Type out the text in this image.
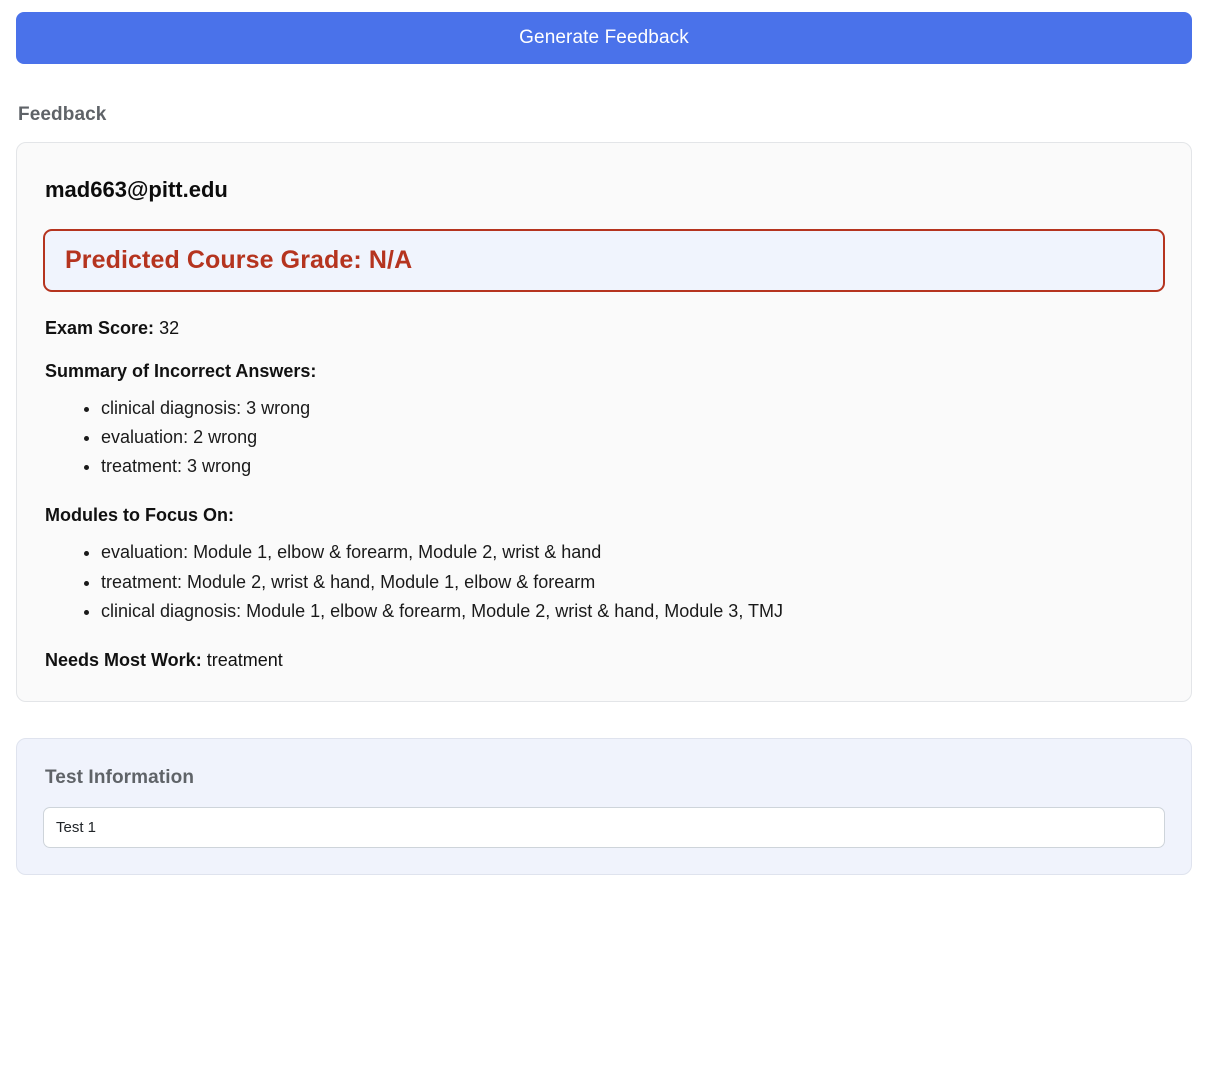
Generate Feedback
Feedback
mad663@pitt.edu
Predicted Course Grade: N/A

Exam Score: 32

Summary of Incorrect Answers:
• clinical diagnosis: 3 wrong
• evaluation: 2 wrong
• treatment: 3 wrong
Modules to Focus On:
• evaluation: Module 1, elbow & forearm, Module 2, wrist & hand
• treatment: Module 2, wrist & hand, Module 1, elbow & forearm
• clinical diagnosis: Module 1, elbow & forearm, Module 2, wrist & hand, Module 3, TMJ

Needs Most Work: treatment

Test Information
Test 1
